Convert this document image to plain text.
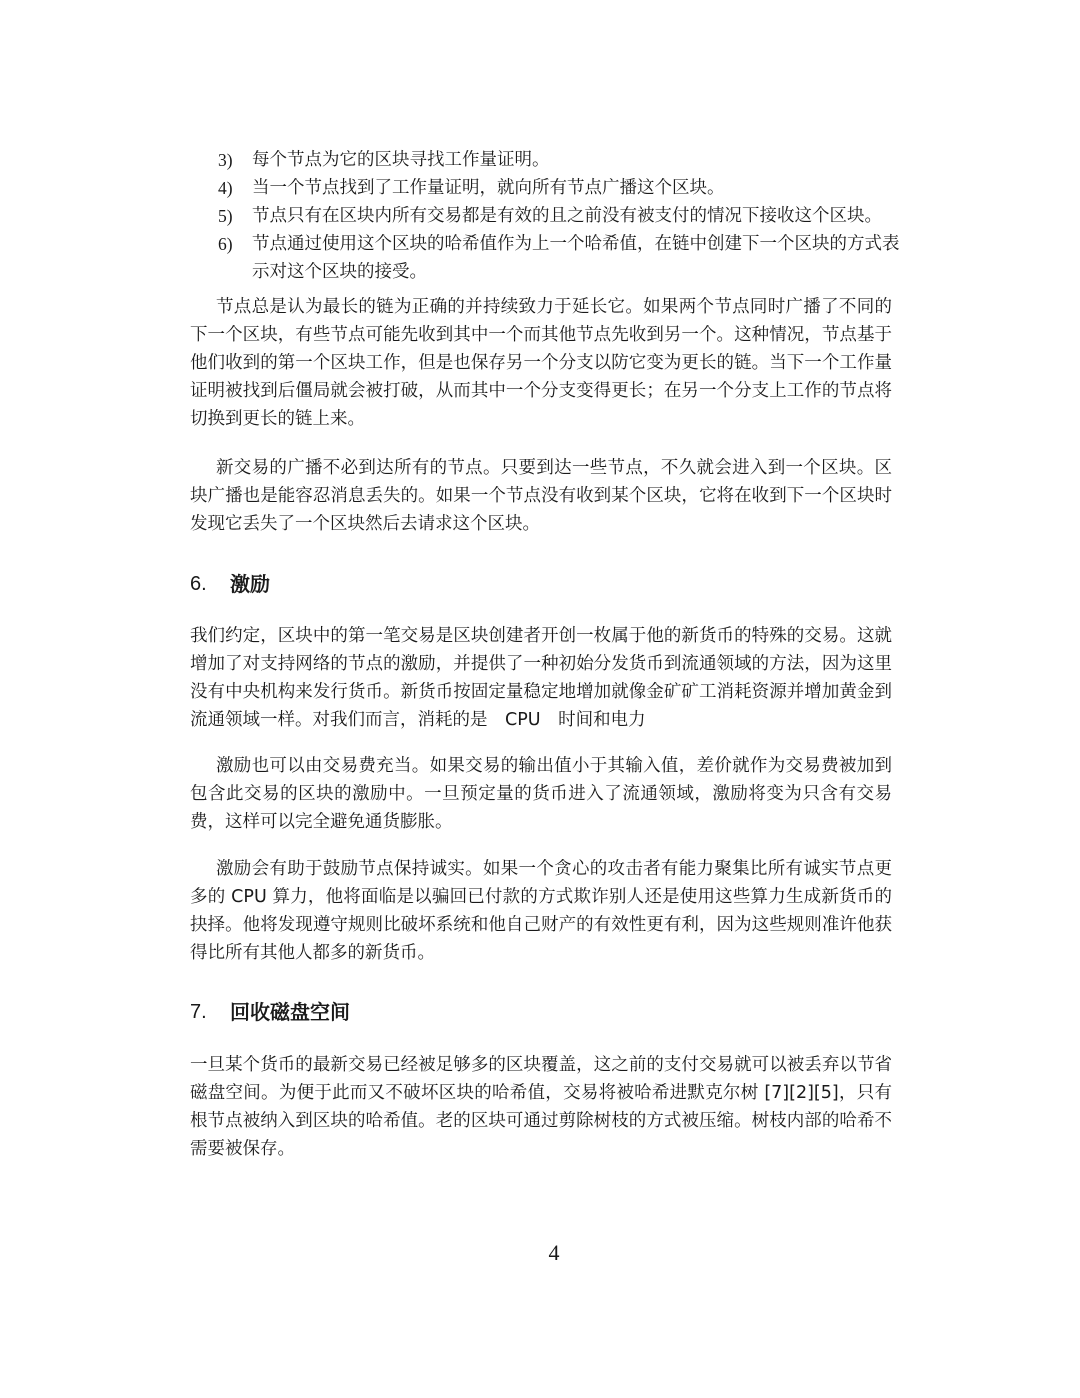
3)	每个节点为它的区块寻找工作量证明。
4)	当一个节点找到了工作量证明，就向所有节点广播这个区块。
5)	节点只有在区块内所有交易都是有效的且之前没有被支付的情况下接收这个区块。
6)	节点通过使用这个区块的哈希值作为上一个哈希值，在链中创建下一个区块的方式表示对这个区块的接受。

节点总是认为最长的链为正确的并持续致力于延长它。如果两个节点同时广播了不同的下一个区块，有些节点可能先收到其中一个而其他节点先收到另一个。这种情况，节点基于他们收到的第一个区块工作，但是也保存另一个分支以防它变为更长的链。当下一个工作量证明被找到后僵局就会被打破，从而其中一个分支变得更长；在另一个分支上工作的节点将切换到更长的链上来。

新交易的广播不必到达所有的节点。只要到达一些节点，不久就会进入到一个区块。区块广播也是能容忍消息丢失的。如果一个节点没有收到某个区块，它将在收到下一个区块时发现它丢失了一个区块然后去请求这个区块。

6.	激励

我们约定，区块中的第一笔交易是区块创建者开创一枚属于他的新货币的特殊的交易。这就增加了对支持网络的节点的激励，并提供了一种初始分发货币到流通领域的方法，因为这里没有中央机构来发行货币。新货币按固定量稳定地增加就像金矿矿工消耗资源并增加黄金到流通领域一样。对我们而言，消耗的是　CPU　时间和电力

激励也可以由交易费充当。如果交易的输出值小于其输入值，差价就作为交易费被加到包含此交易的区块的激励中。一旦预定量的货币进入了流通领域，激励将变为只含有交易费，这样可以完全避免通货膨胀。

激励会有助于鼓励节点保持诚实。如果一个贪心的攻击者有能力聚集比所有诚实节点更多的 CPU 算力，他将面临是以骗回已付款的方式欺诈别人还是使用这些算力生成新货币的抉择。他将发现遵守规则比破坏系统和他自己财产的有效性更有利，因为这些规则准许他获得比所有其他人都多的新货币。

7.	回收磁盘空间

一旦某个货币的最新交易已经被足够多的区块覆盖，这之前的支付交易就可以被丢弃以节省磁盘空间。为便于此而又不破坏区块的哈希值，交易将被哈希进默克尔树 [7][2][5]，只有根节点被纳入到区块的哈希值。老的区块可通过剪除树枝的方式被压缩。树枝内部的哈希不需要被保存。

4
